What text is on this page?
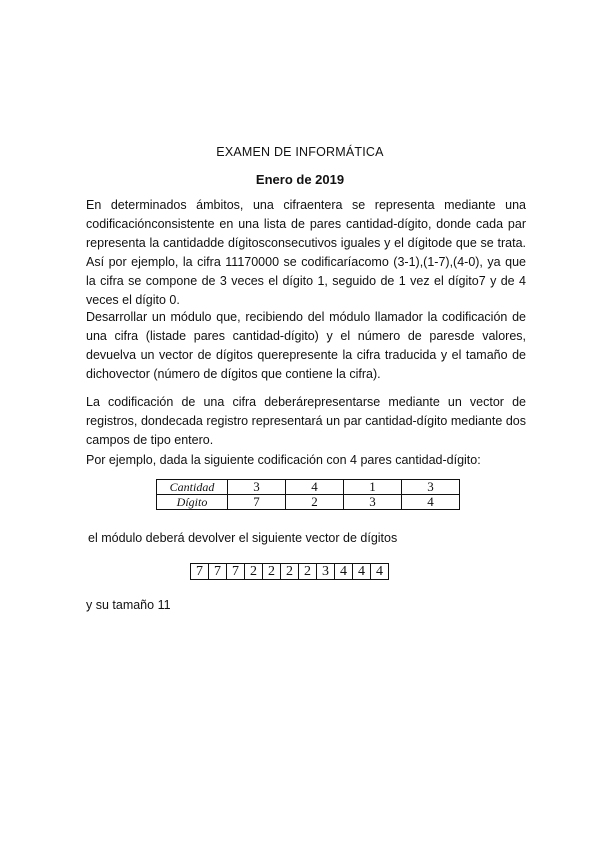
EXAMEN DE INFORMÁTICA
Enero de 2019

En determinados ámbitos, una cifraentera se representa mediante una codificaciónconsistente en una lista de pares cantidad-dígito, donde cada par representa la cantidadde dígitosconsecutivos iguales y el dígitode que se trata. Así por ejemplo, la cifra 11170000 se codificaríacomo (3-1),(1-7),(4-0), ya que la cifra se compone de 3 veces el dígito 1, seguido de 1 vez el dígito7 y de 4 veces el dígito 0.

Desarrollar un módulo que, recibiendo del módulo llamador la codificación de una cifra (listade pares cantidad-dígito) y el número de paresde valores, devuelva un vector de dígitos querepresente la cifra traducida y el tamaño de dichovector (número de dígitos que contiene la cifra).

La codificación de una cifra deberárepresentarse mediante un vector de registros, dondecada registro representará un par cantidad-dígito mediante dos campos de tipo entero.

Por ejemplo, dada la siguiente codificación con 4 pares cantidad-dígito:

Cantidad	3	4	1	3
Dígito	7	2	3	4
el módulo deberá devolver el siguiente vector de dígitos
7	7	7	2	2	2	2	3	4	4	4
y su tamaño 11
